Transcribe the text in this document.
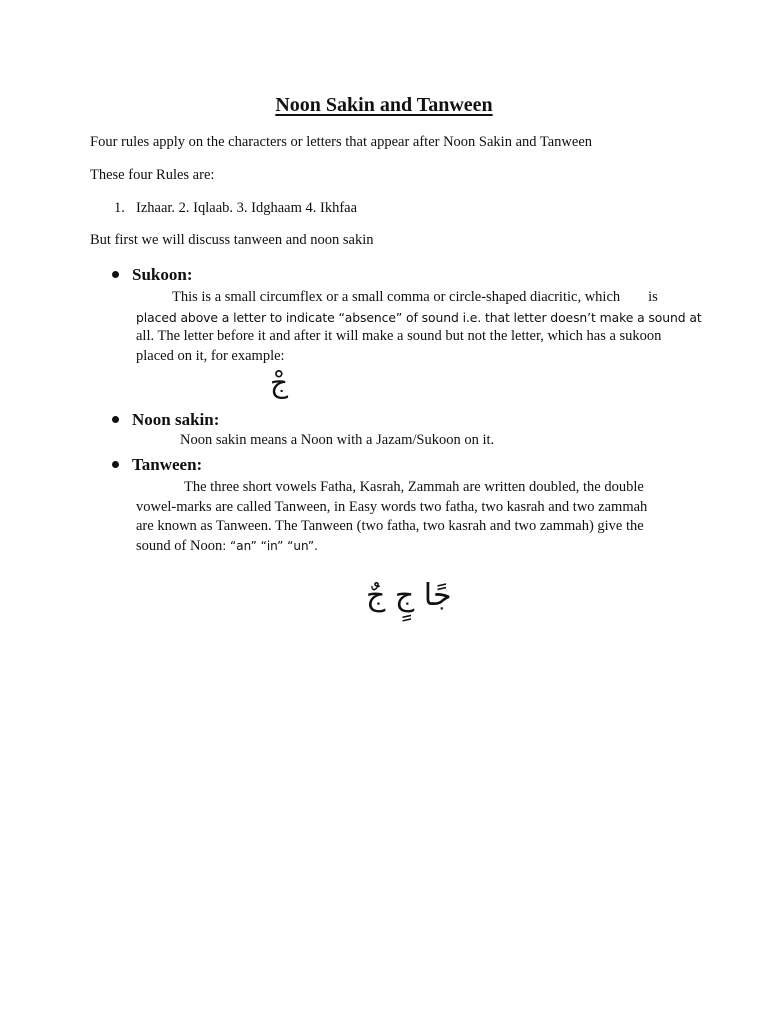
Noon Sakin and Tanween
Four rules apply on the characters or letters that appear after Noon Sakin and Tanween
These four Rules are:
1. Izhaar. 2. Iqlaab. 3. Idghaam 4. Ikhfaa
But first we will discuss tanween and noon sakin
Sukoon:
This is a small circumflex or a small comma or circle-shaped diacritic, which is
placed above a letter to indicate “absence” of sound i.e. that letter doesn’t make a sound at
all. The letter before it and after it will make a sound but not the letter, which has a sukoon
placed on it, for example:
جْ
Noon sakin:
Noon sakin means a Noon with a Jazam/Sukoon on it.
Tanween:
The three short vowels Fatha, Kasrah, Zammah are written doubled, the double
vowel-marks are called Tanween, in Easy words two fatha, two kasrah and two zammah
are known as Tanween. The Tanween (two fatha, two kasrah and two zammah) give the
sound of Noon: “an” “in” “un”.
جًا جٍ جٌ
